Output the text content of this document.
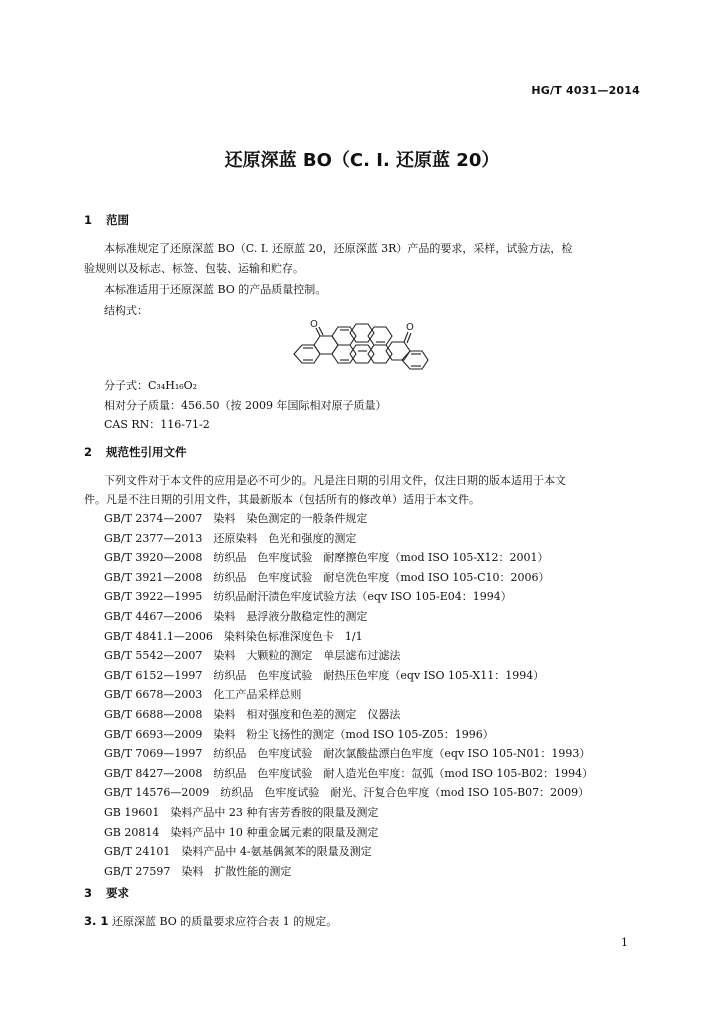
HG/T 4031—2014
还原深蓝 BO（C. I. 还原蓝 20）
1 范围
本标准规定了还原深蓝 BO（C. I. 还原蓝 20，还原深蓝 3R）产品的要求，采样，试验方法，检
验规则以及标志、标签、包装、运输和贮存。
本标准适用于还原深蓝 BO 的产品质量控制。
结构式：
O	O
分子式：C₃₄H₁₆O₂
相对分子质量：456.50（按 2009 年国际相对原子质量）
CAS RN：116-71-2
2 规范性引用文件
下列文件对于本文件的应用是必不可少的。凡是注日期的引用文件，仅注日期的版本适用于本文
件。凡是不注日期的引用文件，其最新版本（包括所有的修改单）适用于本文件。
GB/T 2374—2007　染料　染色测定的一般条件规定
GB/T 2377—2013　还原染料　色光和强度的测定
GB/T 3920—2008　纺织品　色牢度试验　耐摩擦色牢度（mod ISO 105-X12：2001）
GB/T 3921—2008　纺织品　色牢度试验　耐皂洗色牢度（mod ISO 105-C10：2006）
GB/T 3922—1995　纺织品耐汗渍色牢度试验方法（eqv ISO 105-E04：1994）
GB/T 4467—2006　染料　悬浮液分散稳定性的测定
GB/T 4841.1—2006　染料染色标准深度色卡　1/1
GB/T 5542—2007　染料　大颗粒的测定　单层滤布过滤法
GB/T 6152—1997　纺织品　色牢度试验　耐热压色牢度（eqv ISO 105-X11：1994）
GB/T 6678—2003　化工产品采样总则
GB/T 6688—2008　染料　相对强度和色差的测定　仪器法
GB/T 6693—2009　染料　粉尘飞扬性的测定（mod ISO 105-Z05：1996）
GB/T 7069—1997　纺织品　色牢度试验　耐次氯酸盐漂白色牢度（eqv ISO 105-N01：1993）
GB/T 8427—2008　纺织品　色牢度试验　耐人造光色牢度：氙弧（mod ISO 105-B02：1994）
GB/T 14576—2009　纺织品　色牢度试验　耐光、汗复合色牢度（mod ISO 105-B07：2009）
GB 19601　染料产品中 23 种有害芳香胺的限量及测定
GB 20814　染料产品中 10 种重金属元素的限量及测定
GB/T 24101　染料产品中 4-氨基偶氮苯的限量及测定
GB/T 27597　染料　扩散性能的测定
3 要求
3. 1 还原深蓝 BO 的质量要求应符合表 1 的规定。
1
